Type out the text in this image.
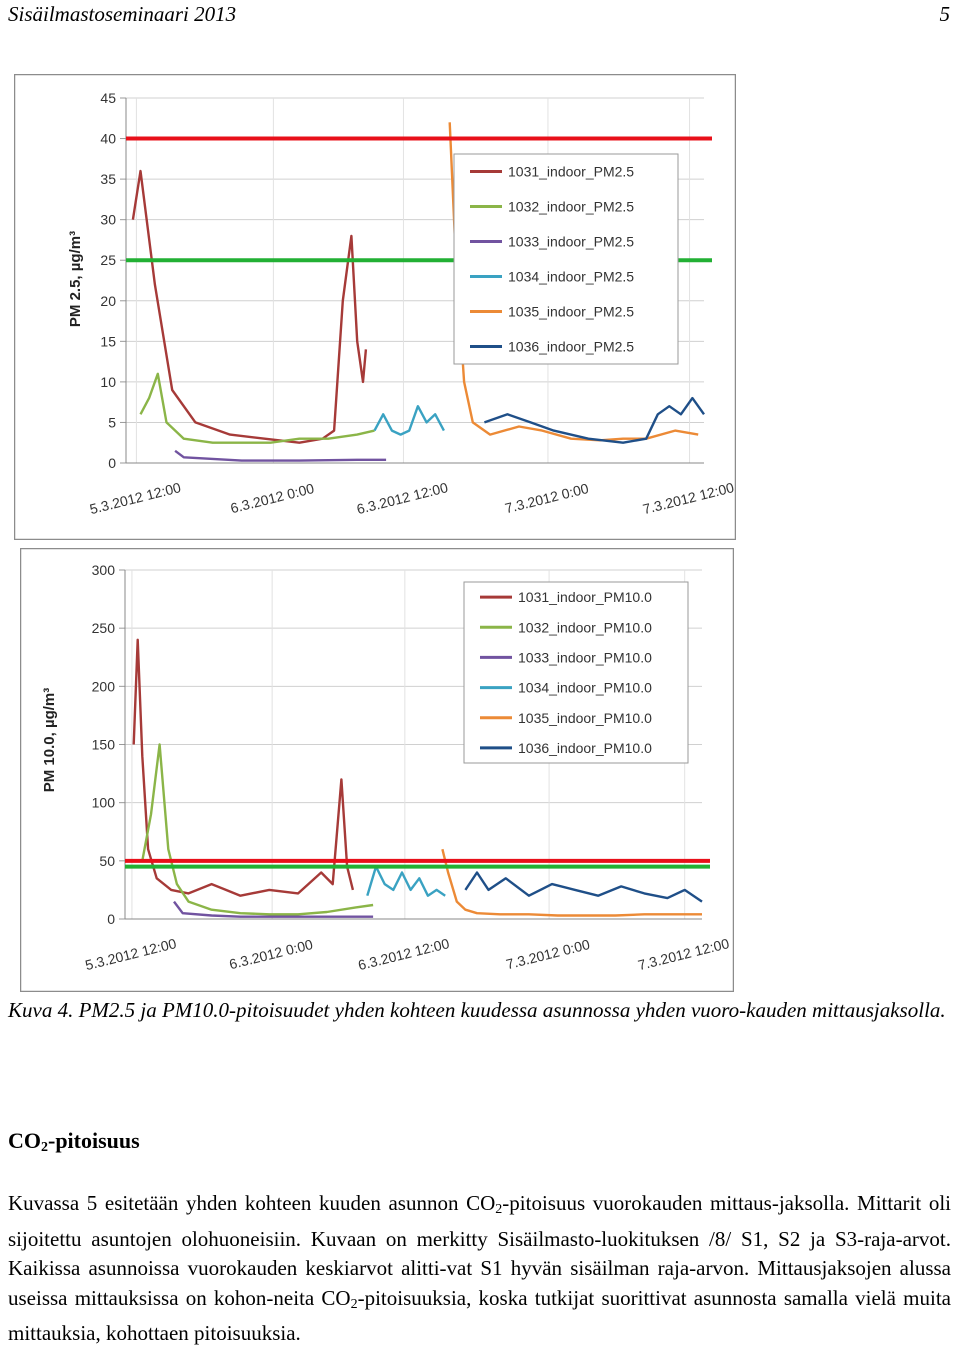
Sisäilmastoseminaari 2013	5
0
5
10
15
20
25
30
35
40
45
5.3.2012 12:00	6.3.2012 0:00	6.3.2012 12:00	7.3.2012 0:00	7.3.2012 12:00
PM 2.5, µg/m³
1031_indoor_PM2.5
1032_indoor_PM2.5
1033_indoor_PM2.5
1034_indoor_PM2.5
1035_indoor_PM2.5
1036_indoor_PM2.5
0
50
100
150
200
250
300
5.3.2012 12:00	6.3.2012 0:00	6.3.2012 12:00	7.3.2012 0:00	7.3.2012 12:00
PM 10.0, µg/m³
1031_indoor_PM10.0
1032_indoor_PM10.0
1033_indoor_PM10.0
1034_indoor_PM10.0
1035_indoor_PM10.0
1036_indoor_PM10.0
Kuva 4. PM2.5 ja PM10.0-pitoisuudet yhden kohteen kuudessa asunnossa yhden vuoro-kauden mittausjaksolla.
$CO_2$-pitoisuus
Kuvassa 5 esitetään yhden kohteen kuuden asunnon $CO_2$-pitoisuus vuorokauden mittaus-jaksolla. Mittarit oli sijoitettu asuntojen olohuoneisiin. Kuvaan on merkitty Sisäilmasto-luokituksen /8/ S1, S2 ja S3-raja-arvot. Kaikissa asunnoissa vuorokauden keskiarvot alitti-vat S1 hyvän sisäilman raja-arvon. Mittausjaksojen alussa useissa mittauksissa on kohon-neita $CO_2$-pitoisuuksia, koska tutkijat suorittivat asunnosta samalla vielä muita mittauksia, kohottaen pitoisuuksia.
